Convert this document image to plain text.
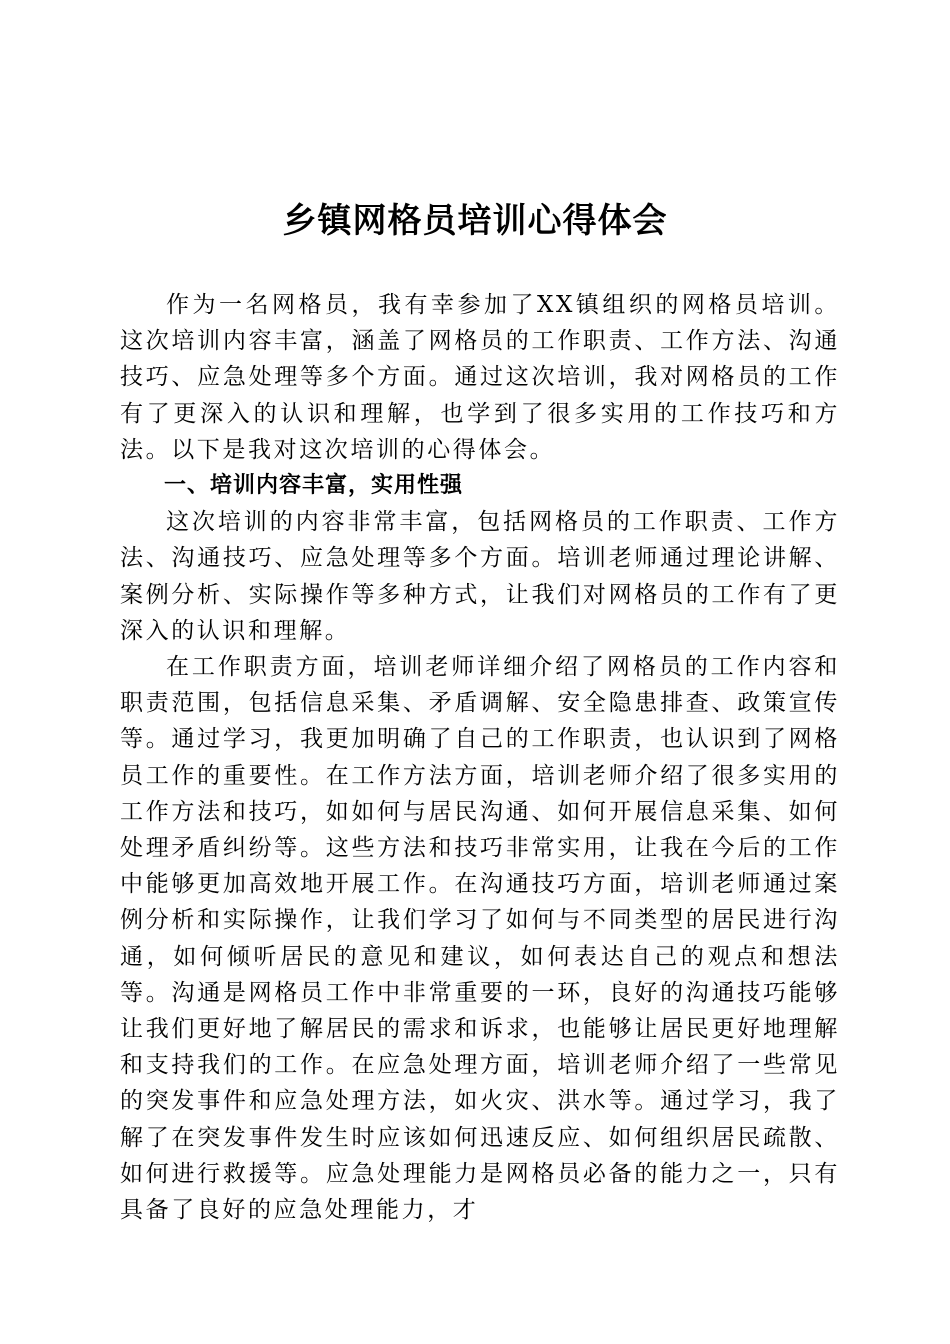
乡镇网格员培训心得体会

作为一名网格员，我有幸参加了XX镇组织的网格员培训。这次培训内容丰富，涵盖了网格员的工作职责、工作方法、沟通技巧、应急处理等多个方面。通过这次培训，我对网格员的工作有了更深入的认识和理解，也学到了很多实用的工作技巧和方法。以下是我对这次培训的心得体会。

一、培训内容丰富，实用性强

这次培训的内容非常丰富，包括网格员的工作职责、工作方法、沟通技巧、应急处理等多个方面。培训老师通过理论讲解、案例分析、实际操作等多种方式，让我们对网格员的工作有了更深入的认识和理解。

在工作职责方面，培训老师详细介绍了网格员的工作内容和职责范围，包括信息采集、矛盾调解、安全隐患排查、政策宣传等。通过学习，我更加明确了自己的工作职责，也认识到了网格员工作的重要性。在工作方法方面，培训老师介绍了很多实用的工作方法和技巧，如如何与居民沟通、如何开展信息采集、如何处理矛盾纠纷等。这些方法和技巧非常实用，让我在今后的工作中能够更加高效地开展工作。在沟通技巧方面，培训老师通过案例分析和实际操作，让我们学习了如何与不同类型的居民进行沟通，如何倾听居民的意见和建议，如何表达自己的观点和想法等。沟通是网格员工作中非常重要的一环，良好的沟通技巧能够让我们更好地了解居民的需求和诉求，也能够让居民更好地理解和支持我们的工作。在应急处理方面，培训老师介绍了一些常见的突发事件和应急处理方法，如火灾、洪水等。通过学习，我了解了在突发事件发生时应该如何迅速反应、如何组织居民疏散、如何进行救援等。应急处理能力是网格员必备的能力之一，只有具备了良好的应急处理能力，才
